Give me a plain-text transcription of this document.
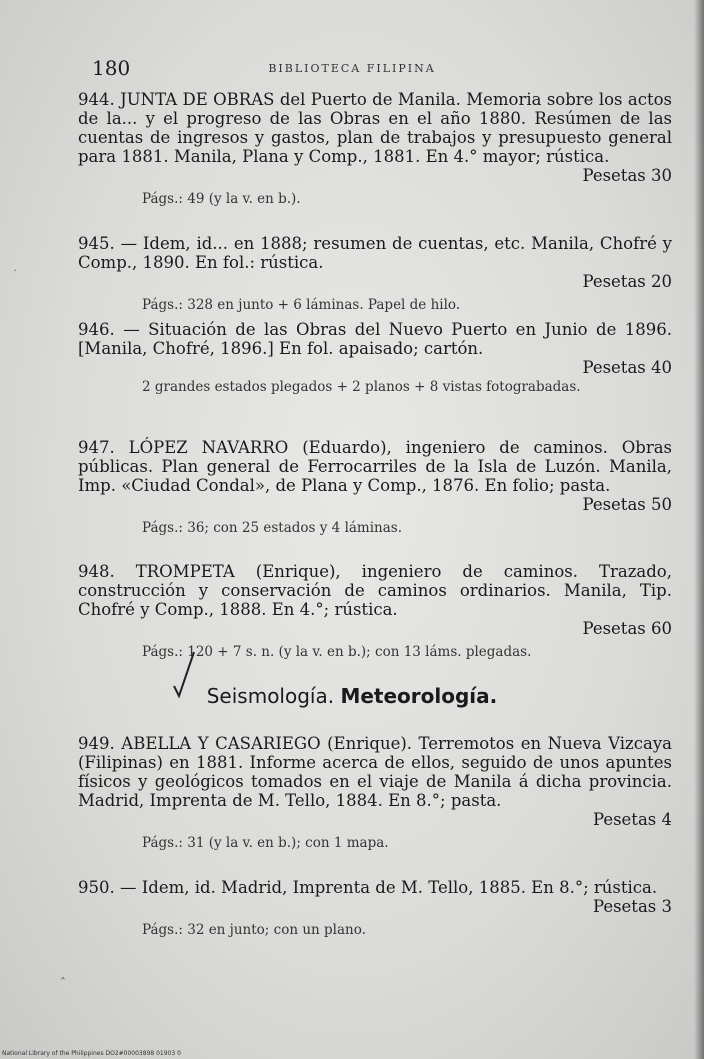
180	BIBLIOTECA FILIPINA

944. JUNTA DE OBRAS del Puerto de Manila. Memoria sobre los actos de la... y el progreso de las Obras en el año 1880. Resúmen de las cuentas de ingresos y gastos, plan de trabajos y presupuesto general para 1881. Manila, Plana y Comp., 1881. En 4.° mayor; rústica.

Pesetas 30

Págs.: 49 (y la v. en b.).

945. — Idem, id... en 1888; resumen de cuentas, etc. Manila, Chofré y Comp., 1890. En fol.: rústica.

Pesetas 20

Págs.: 328 en junto + 6 láminas. Papel de hilo.

946. — Situación de las Obras del Nuevo Puerto en Junio de 1896. [Manila, Chofré, 1896.] En fol. apaisado; cartón.

Pesetas 40

2 grandes estados plegados + 2 planos + 8 vistas fotograbadas.

947. LÓPEZ NAVARRO (Eduardo), ingeniero de caminos. Obras públicas. Plan general de Ferrocarriles de la Isla de Luzón. Manila, Imp. «Ciudad Condal», de Plana y Comp., 1876. En folio; pasta.

Pesetas 50

Págs.: 36; con 25 estados y 4 láminas.

948. TROMPETA (Enrique), ingeniero de caminos. Trazado, construcción y conservación de caminos ordinarios. Manila, Tip. Chofré y Comp., 1888. En 4.°; rústica.

Pesetas 60

Págs.: 120 + 7 s. n. (y la v. en b.); con 13 láms. plegadas.

Seismología. Meteorología.

949. ABELLA Y CASARIEGO (Enrique). Terremotos en Nueva Vizcaya (Filipinas) en 1881. Informe acerca de ellos, seguido de unos apuntes físicos y geológicos tomados en el viaje de Manila á dicha provincia. Madrid, Imprenta de M. Tello, 1884. En 8.°; pasta.

Pesetas 4

Págs.: 31 (y la v. en b.); con 1 mapa.

950. — Idem, id. Madrid, Imprenta de M. Tello, 1885. En 8.°; rústica.

Pesetas 3

Págs.: 32 en junto; con un plano.

˙
ˆ
National Library of the Philippines DO2#00003898 01903 0
